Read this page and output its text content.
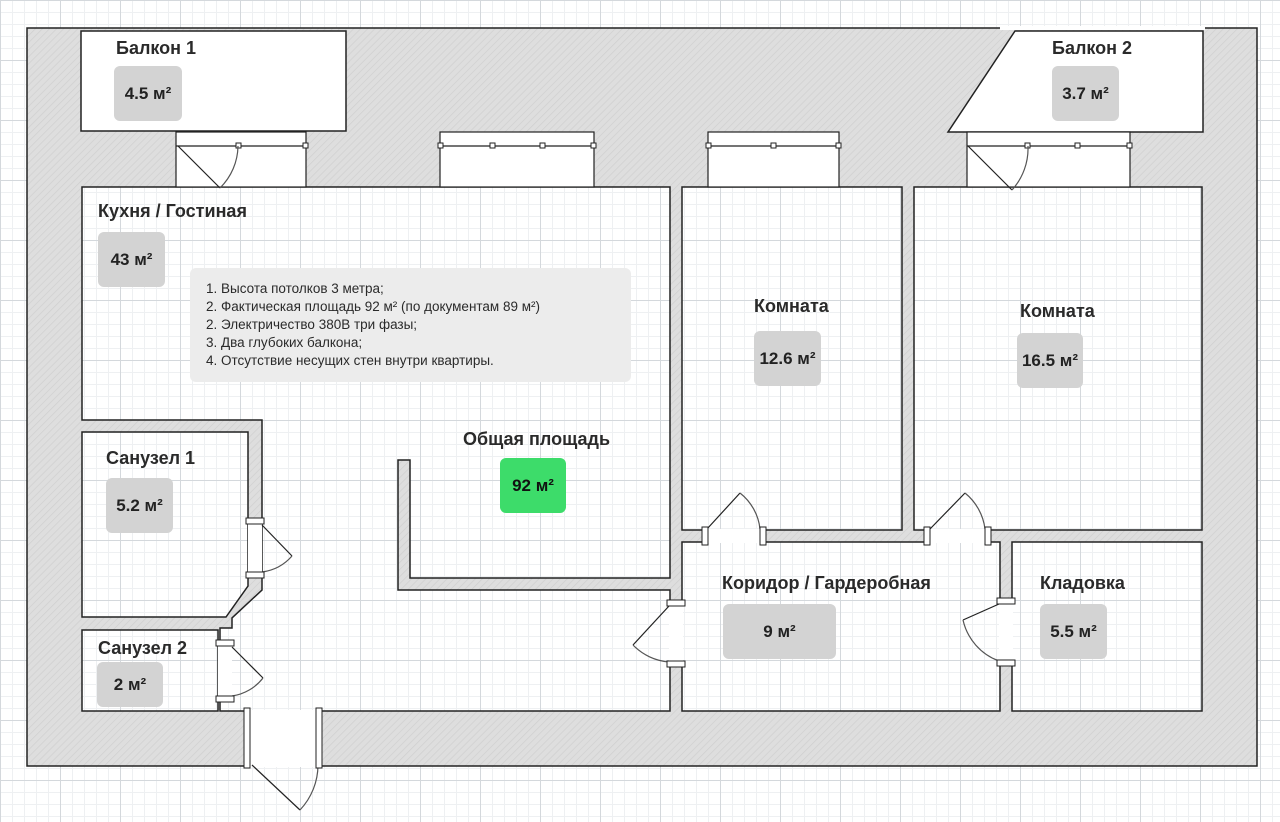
Балкон 1
4.5 м²
Балкон 2
3.7 м²
Кухня / Гостиная
43 м²
Комната
12.6 м²
Комната
16.5 м²
Санузел 1
5.2 м²
Санузел 2
2 м²
Коридор / Гардеробная
9 м²
Кладовка
5.5 м²
Общая площадь
92 м²
1. Высота потолков 3 метра;
2. Фактическая площадь 92 м² (по документам 89 м²)
2. Электричество 380В три фазы;
3. Два глубоких балкона;
4. Отсутствие несущих стен внутри квартиры.
